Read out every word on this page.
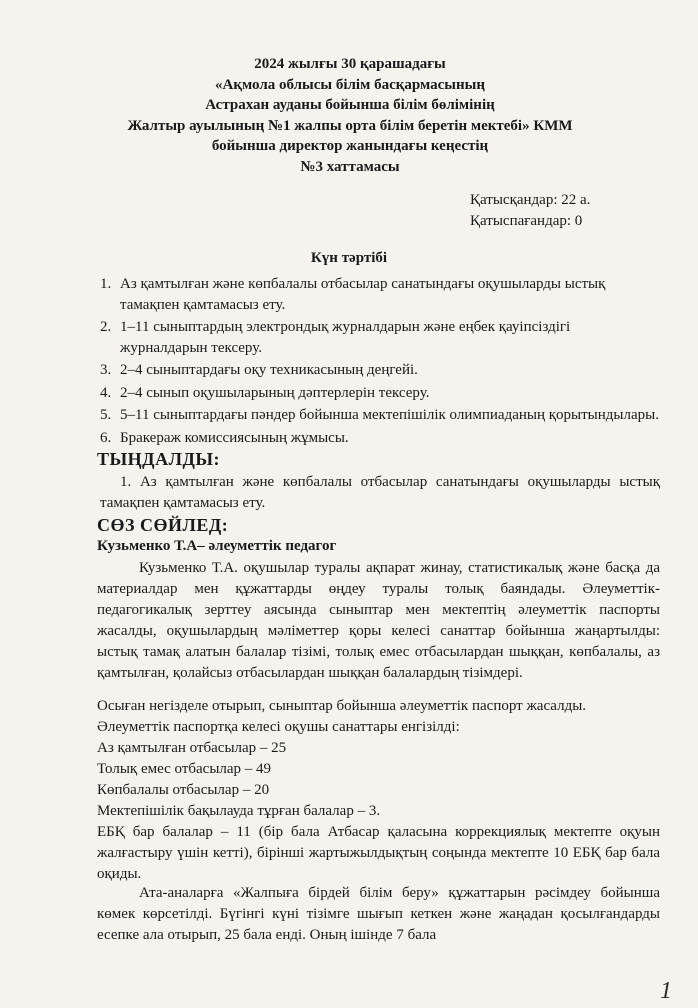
2024 жылғы 30 қарашадағы
«Ақмола облысы білім басқармасының
Астрахан ауданы бойынша білім бөлімінің
Жалтыр ауылының №1 жалпы орта білім беретін мектебі» КММ
бойынша директор жанындағы кеңестің
№3 хаттамасы
Қатысқандар: 22 а.
Қатыспағандар: 0
Күн тәртібі
1. Аз қамтылған және көпбалалы отбасылар санатындағы оқушыларды ыстық тамақпен қамтамасыз ету.
2. 1–11 сыныптардың электрондық журналдарын және еңбек қауіпсіздігі журналдарын тексеру.
3. 2–4 сыныптардағы оқу техникасының деңгейі.
4. 2–4 сынып оқушыларының дәптерлерін тексеру.
5. 5–11 сыныптардағы пәндер бойынша мектепішілік олимпиаданың қорытындылары.
6. Бракераж комиссиясының жұмысы.
ТЫҢДАЛДЫ:
1. Аз қамтылған және көпбалалы отбасылар санатындағы оқушыларды ыстық тамақпен қамтамасыз ету.
СӨЗ СӨЙЛЕД:
Кузьменко Т.А– әлеуметтік педагог
Кузьменко Т.А. оқушылар туралы ақпарат жинау, статистикалық және басқа да материалдар мен құжаттарды өңдеу туралы толық баяндады. Әлеуметтік-педагогикалық зерттеу аясында сыныптар мен мектептің әлеуметтік паспорты жасалды, оқушылардың мәліметтер қоры келесі санаттар бойынша жаңартылды: ыстық тамақ алатын балалар тізімі, толық емес отбасылардан шыққан, көпбалалы, аз қамтылған, қолайсыз отбасылардан шыққан балалардың тізімдері.
Осыған негізделе отырып, сыныптар бойынша әлеуметтік паспорт жасалды.
Әлеуметтік паспортқа келесі оқушы санаттары енгізілді:
Аз қамтылған отбасылар – 25
Толық емес отбасылар – 49
Көпбалалы отбасылар – 20
Мектепішілік бақылауда тұрған балалар – 3.
ЕБҚ бар балалар – 11 (бір бала Атбасар қаласына коррекциялық мектепте оқуын жалғастыру үшін кетті), бірінші жартыжылдықтың соңында мектепте 10 ЕБҚ бар бала оқиды.
Ата-аналарға «Жалпыға бірдей білім беру» құжаттарын рәсімдеу бойынша көмек көрсетілді. Бүгінгі күні тізімге шығып кеткен және жаңадан қосылғандарды есепке ала отырып, 25 бала енді. Оның ішінде 7 бала
1
